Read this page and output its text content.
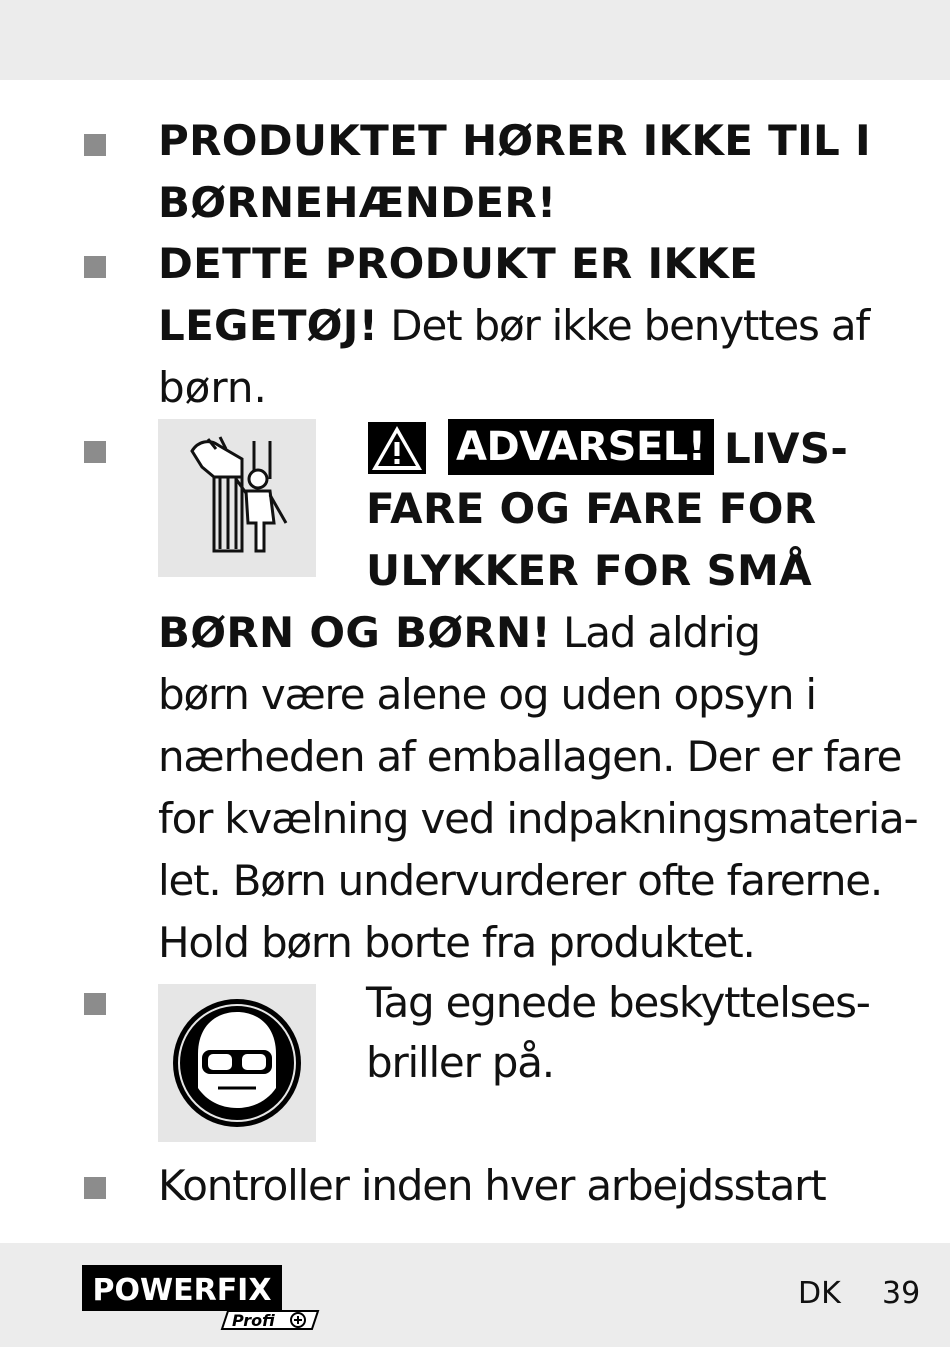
PRODUKTET HØRER IKKE TIL I
BØRNEHÆNDER!
DETTE PRODUKT ER IKKE
LEGETØJ! Det bør ikke benyttes af
børn.
ADVARSEL! LIVS-
FARE OG FARE FOR
ULYKKER FOR SMÅ
BØRN OG BØRN! Lad aldrig
børn være alene og uden opsyn i
nærheden af emballagen. Der er fare
for kvælning ved indpakningsmateria-
let. Børn undervurderer ofte farerne.
Hold børn borte fra produktet.
Tag egnede beskyttelses-
briller på.
Kontroller inden hver arbejdsstart
POWERFIX
Profi
DK 39
